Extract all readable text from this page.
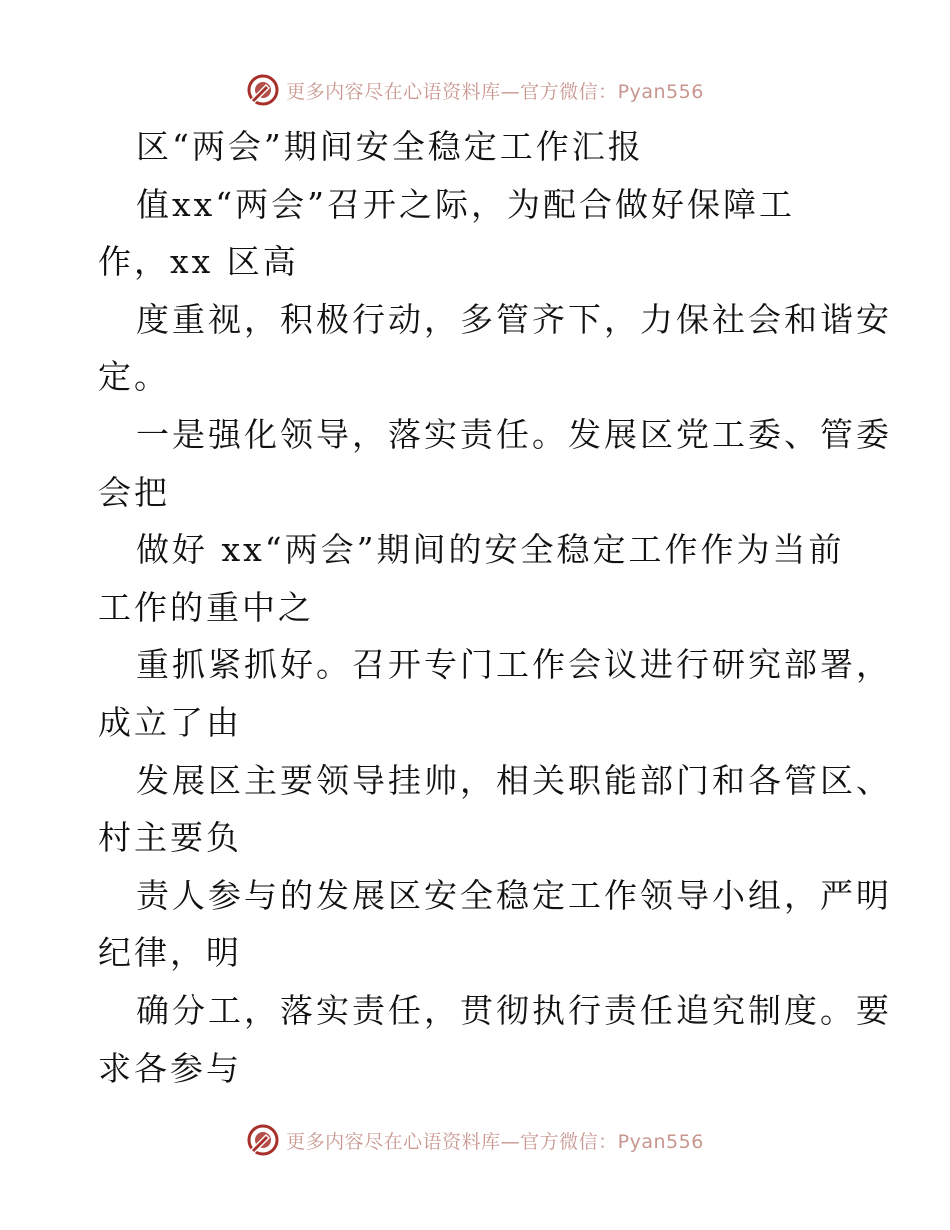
更多内容尽在心语资料库—官方微信：Pyan556
区“两会”期间安全稳定工作汇报
值xx“两会”召开之际，为配合做好保障工
作，xx 区高
度重视，积极行动，多管齐下，力保社会和谐安
定。
一是强化领导，落实责任。发展区党工委、管委
会把
做好 xx“两会”期间的安全稳定工作作为当前
工作的重中之
重抓紧抓好。召开专门工作会议进行研究部署，
成立了由
发展区主要领导挂帅，相关职能部门和各管区、
村主要负
责人参与的发展区安全稳定工作领导小组，严明
纪律，明
确分工，落实责任，贯彻执行责任追究制度。要
求各参与
更多内容尽在心语资料库—官方微信：Pyan556
